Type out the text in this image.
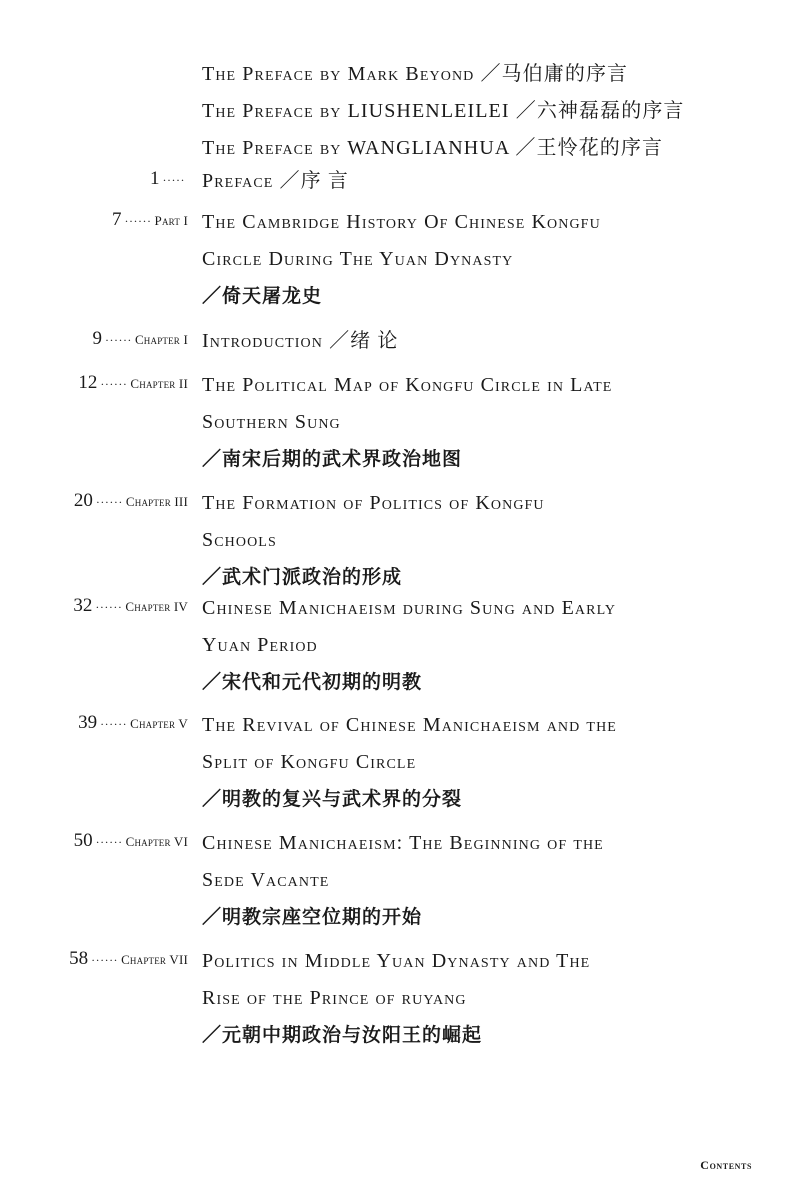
The Preface by Mark Beyond ／马伯庸的序言
The Preface by LIUSHENLEILEI ／六神磊磊的序言
The Preface by WANGLIANHUA ／王怜花的序言
1 ····· Preface ／序 言
7 ······ Part I The Cambridge History Of Chinese Kongfu
Circle During The Yuan Dynasty
／倚天屠龙史
9 ······ Chapter I Introduction ／绪 论
12 ······ Chapter II The Political Map of Kongfu Circle in Late
Southern Sung
／南宋后期的武术界政治地图
20 ······ Chapter III The Formation of Politics of Kongfu
Schools
／武术门派政治的形成
32 ······ Chapter IV Chinese Manichaeism during Sung and Early
Yuan Period
／宋代和元代初期的明教
39 ······ Chapter V The Revival of Chinese Manichaeism and the
Split of Kongfu Circle
／明教的复兴与武术界的分裂
50 ······ Chapter VI Chinese Manichaeism: The Beginning of the
Sede Vacante
／明教宗座空位期的开始
58 ······ Chapter VII Politics in Middle Yuan Dynasty and The
Rise of the Prince of ruyang
／元朝中期政治与汝阳王的崛起
Contents
